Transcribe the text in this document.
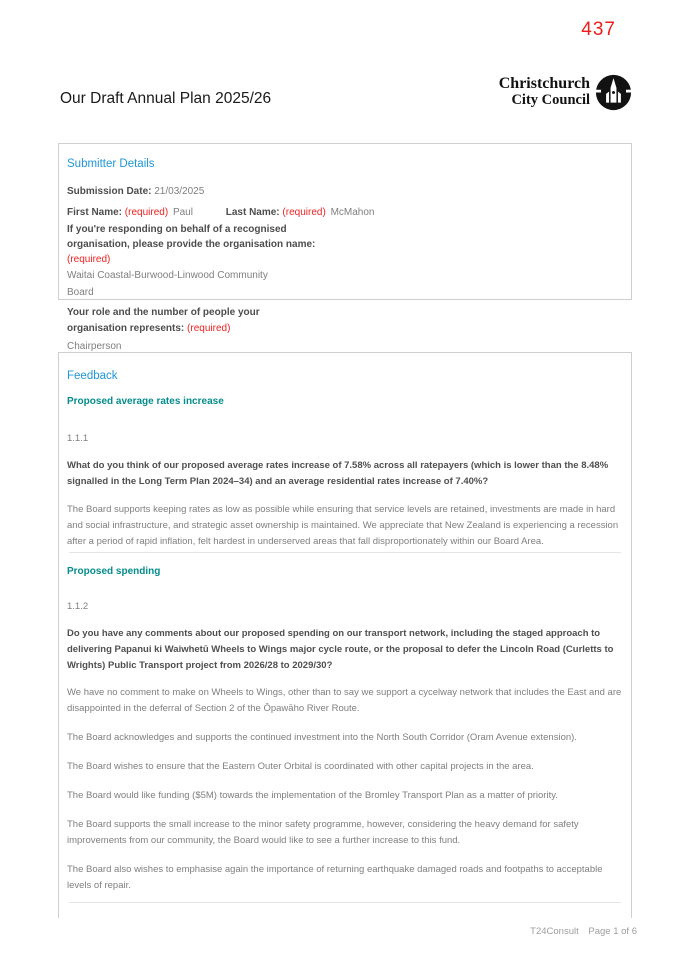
437
Our Draft Annual Plan 2025/26
Christchurch
City Council
Submitter Details
Submission Date: 21/03/2025
First Name: (required) Paul	Last Name: (required) McMahon
If you're responding on behalf of a recognised organisation, please provide the organisation name: (required)
Waitai Coastal-Burwood-Linwood Community Board
Your role and the number of people your organisation represents: (required)
Chairperson
Feedback
Proposed average rates increase
1.1.1

What do you think of our proposed average rates increase of 7.58% across all ratepayers (which is lower than the 8.48% signalled in the Long Term Plan 2024–34) and an average residential rates increase of 7.40%?

The Board supports keeping rates as low as possible while ensuring that service levels are retained, investments are made in hard and social infrastructure, and strategic asset ownership is maintained. We appreciate that New Zealand is experiencing a recession after a period of rapid inflation, felt hardest in underserved areas that fall disproportionately within our Board Area.

Proposed spending
1.1.2

Do you have any comments about our proposed spending on our transport network, including the staged approach to delivering Papanui ki Waiwhetū Wheels to Wings major cycle route, or the proposal to defer the Lincoln Road (Curletts to Wrights) Public Transport project from 2026/28 to 2029/30?

We have no comment to make on Wheels to Wings, other than to say we support a cycelway network that includes the East and are disappointed in the deferral of Section 2 of the Ōpawāho River Route.

The Board acknowledges and supports the continued investment into the North South Corridor (Oram Avenue extension).

The Board wishes to ensure that the Eastern Outer Orbital is coordinated with other capital projects in the area.

The Board would like funding ($5M) towards the implementation of the Bromley Transport Plan as a matter of priority.

The Board supports the small increase to the minor safety programme, however, considering the heavy demand for safety improvements from our community, the Board would like to see a further increase to this fund.

The Board also wishes to emphasise again the importance of returning earthquake damaged roads and footpaths to acceptable levels of repair.

T24Consult Page 1 of 6
